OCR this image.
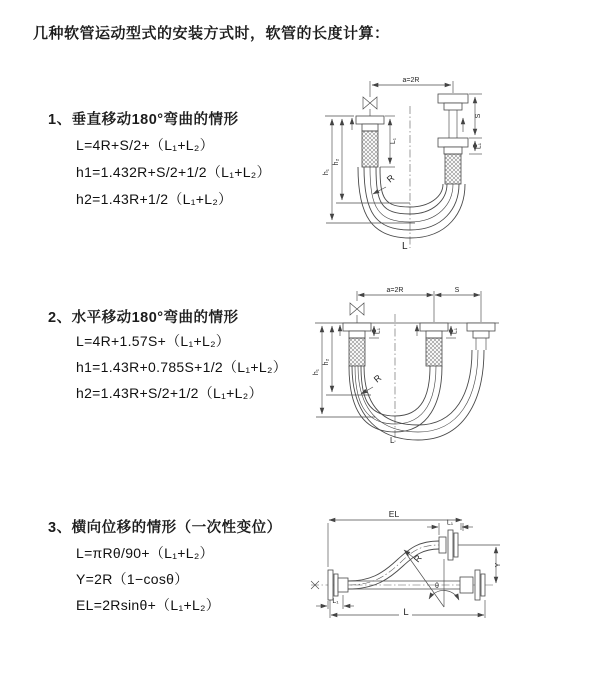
几种软管运动型式的安装方式时，软管的长度计算：
1、垂直移动180°弯曲的情形
L=4R+S/2+（L₁+L₂）
h1=1.432R+S/2+1/2（L₁+L₂）
h2=1.43R+1/2（L₁+L₂）
a=2R
L₁
S
L₁
h₁
h₂
R
L
2、水平移动180°弯曲的情形
L=4R+1.57S+（L₁+L₂）
h1=1.43R+0.785S+1/2（L₁+L₂）
h2=1.43R+S/2+1/2（L₁+L₂）
a=2R	S
L₁	L₁
h₁
h₂
R
L
3、横向位移的情形（一次性变位）
L=πRθ/90+（L₁+L₂）
Y=2R（1−cosθ）
EL=2Rsinθ+（L₁+L₂）
EL
L₁
θ
R
Y
L
L₁
